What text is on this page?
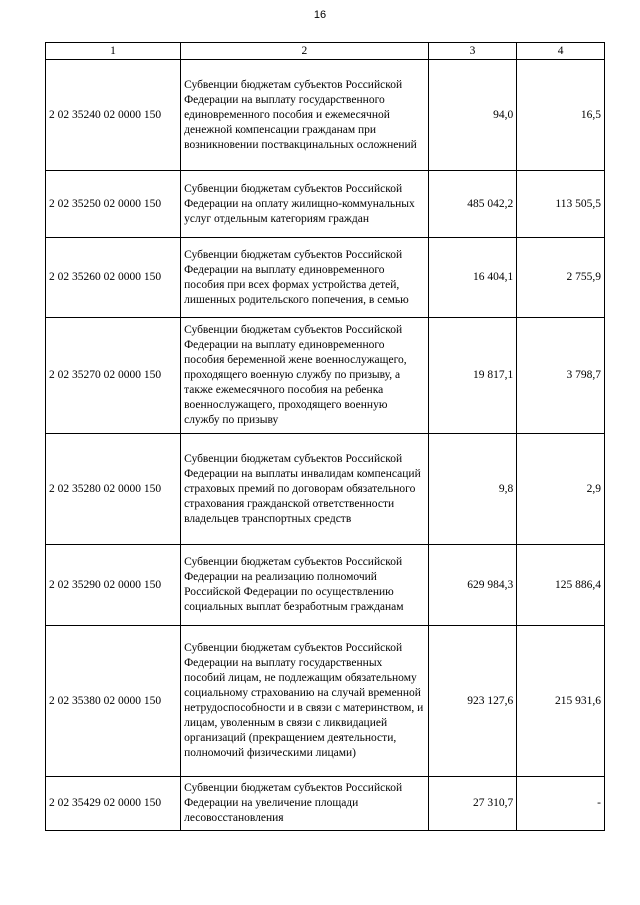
16
1	2	3	4
2 02 35240 02 0000 150	Субвенции бюджетам субъектов Российской Федерации на выплату государственного единовременного пособия и ежемесячной денежной компенсации гражданам при возникновении поствакцинальных осложнений	94,0	16,5
2 02 35250 02 0000 150	Субвенции бюджетам субъектов Российской Федерации на оплату жилищно-коммунальных услуг отдельным категориям граждан	485 042,2	113 505,5
2 02 35260 02 0000 150	Субвенции бюджетам субъектов Российской Федерации на выплату единовременного пособия при всех формах устройства детей, лишенных родительского попечения, в семью	16 404,1	2 755,9
2 02 35270 02 0000 150	Субвенции бюджетам субъектов Российской Федерации на выплату единовременного пособия беременной жене военнослужащего, проходящего военную службу по призыву, а также ежемесячного пособия на ребенка военнослужащего, проходящего военную службу по призыву	19 817,1	3 798,7
2 02 35280 02 0000 150	Субвенции бюджетам субъектов Российской Федерации на выплаты инвалидам компенсаций страховых премий по договорам обязательного страхования гражданской ответственности владельцев транспортных средств	9,8	2,9
2 02 35290 02 0000 150	Субвенции бюджетам субъектов Российской Федерации на реализацию полномочий Российской Федерации по осуществлению социальных выплат безработным гражданам	629 984,3	125 886,4
2 02 35380 02 0000 150	Субвенции бюджетам субъектов Российской Федерации на выплату государственных пособий лицам, не подлежащим обязательному социальному страхованию на случай временной нетрудоспособности и в связи с материнством, и лицам, уволенным в связи с ликвидацией организаций (прекращением деятельности, полномочий физическими лицами)	923 127,6	215 931,6
2 02 35429 02 0000 150	Субвенции бюджетам субъектов Российской Федерации на увеличение площади лесовосстановления	27 310,7	-
